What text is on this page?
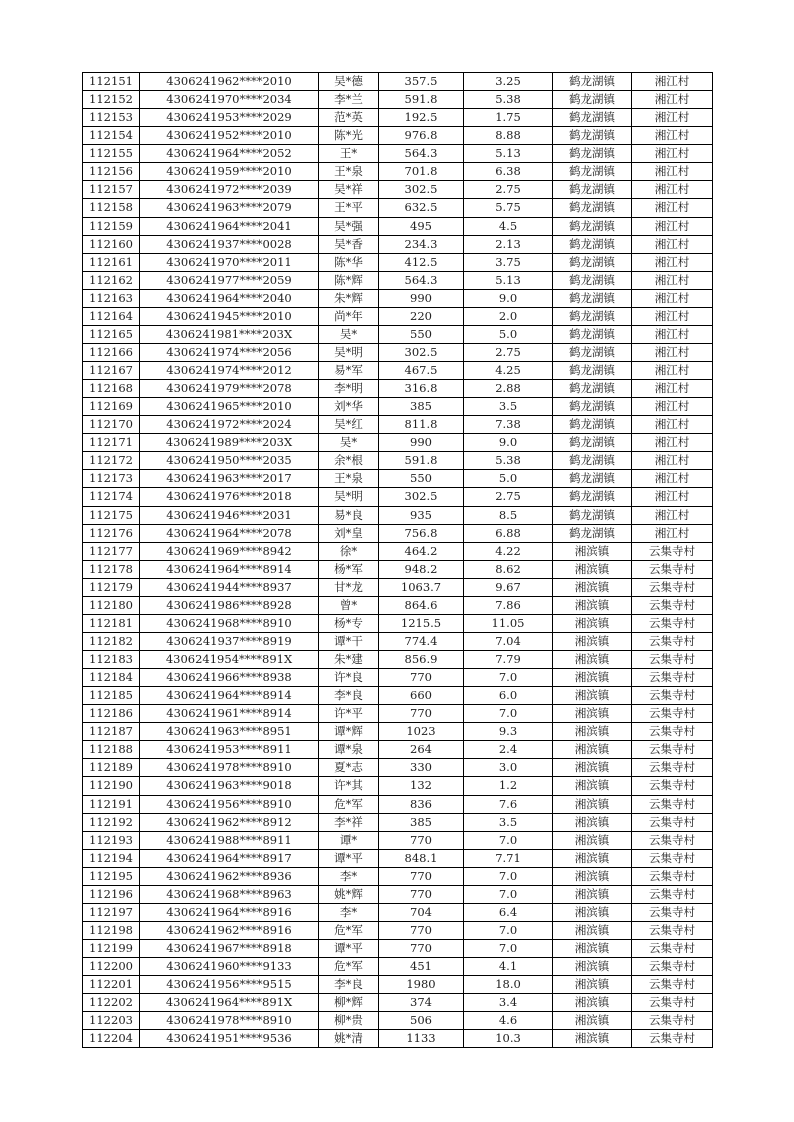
112151	4306241962****2010	吴*德	357.5	3.25	鹤龙湖镇	湘江村
112152	4306241970****2034	李*兰	591.8	5.38	鹤龙湖镇	湘江村
112153	4306241953****2029	范*英	192.5	1.75	鹤龙湖镇	湘江村
112154	4306241952****2010	陈*光	976.8	8.88	鹤龙湖镇	湘江村
112155	4306241964****2052	王*	564.3	5.13	鹤龙湖镇	湘江村
112156	4306241959****2010	王*泉	701.8	6.38	鹤龙湖镇	湘江村
112157	4306241972****2039	吴*祥	302.5	2.75	鹤龙湖镇	湘江村
112158	4306241963****2079	王*平	632.5	5.75	鹤龙湖镇	湘江村
112159	4306241964****2041	吴*强	495	4.5	鹤龙湖镇	湘江村
112160	4306241937****0028	吴*香	234.3	2.13	鹤龙湖镇	湘江村
112161	4306241970****2011	陈*华	412.5	3.75	鹤龙湖镇	湘江村
112162	4306241977****2059	陈*辉	564.3	5.13	鹤龙湖镇	湘江村
112163	4306241964****2040	朱*辉	990	9.0	鹤龙湖镇	湘江村
112164	4306241945****2010	尚*年	220	2.0	鹤龙湖镇	湘江村
112165	4306241981****203X	吴*	550	5.0	鹤龙湖镇	湘江村
112166	4306241974****2056	吴*明	302.5	2.75	鹤龙湖镇	湘江村
112167	4306241974****2012	易*军	467.5	4.25	鹤龙湖镇	湘江村
112168	4306241979****2078	李*明	316.8	2.88	鹤龙湖镇	湘江村
112169	4306241965****2010	刘*华	385	3.5	鹤龙湖镇	湘江村
112170	4306241972****2024	吴*红	811.8	7.38	鹤龙湖镇	湘江村
112171	4306241989****203X	吴*	990	9.0	鹤龙湖镇	湘江村
112172	4306241950****2035	余*根	591.8	5.38	鹤龙湖镇	湘江村
112173	4306241963****2017	王*泉	550	5.0	鹤龙湖镇	湘江村
112174	4306241976****2018	吴*明	302.5	2.75	鹤龙湖镇	湘江村
112175	4306241946****2031	易*良	935	8.5	鹤龙湖镇	湘江村
112176	4306241964****2078	刘*皇	756.8	6.88	鹤龙湖镇	湘江村
112177	4306241969****8942	徐*	464.2	4.22	湘滨镇	云集寺村
112178	4306241964****8914	杨*军	948.2	8.62	湘滨镇	云集寺村
112179	4306241944****8937	甘*龙	1063.7	9.67	湘滨镇	云集寺村
112180	4306241986****8928	曾*	864.6	7.86	湘滨镇	云集寺村
112181	4306241968****8910	杨*专	1215.5	11.05	湘滨镇	云集寺村
112182	4306241937****8919	谭*干	774.4	7.04	湘滨镇	云集寺村
112183	4306241954****891X	朱*建	856.9	7.79	湘滨镇	云集寺村
112184	4306241966****8938	许*良	770	7.0	湘滨镇	云集寺村
112185	4306241964****8914	李*良	660	6.0	湘滨镇	云集寺村
112186	4306241961****8914	许*平	770	7.0	湘滨镇	云集寺村
112187	4306241963****8951	谭*辉	1023	9.3	湘滨镇	云集寺村
112188	4306241953****8911	谭*泉	264	2.4	湘滨镇	云集寺村
112189	4306241978****8910	夏*志	330	3.0	湘滨镇	云集寺村
112190	4306241963****9018	许*其	132	1.2	湘滨镇	云集寺村
112191	4306241956****8910	危*军	836	7.6	湘滨镇	云集寺村
112192	4306241962****8912	李*祥	385	3.5	湘滨镇	云集寺村
112193	4306241988****8911	谭*	770	7.0	湘滨镇	云集寺村
112194	4306241964****8917	谭*平	848.1	7.71	湘滨镇	云集寺村
112195	4306241962****8936	李*	770	7.0	湘滨镇	云集寺村
112196	4306241968****8963	姚*辉	770	7.0	湘滨镇	云集寺村
112197	4306241964****8916	李*	704	6.4	湘滨镇	云集寺村
112198	4306241962****8916	危*军	770	7.0	湘滨镇	云集寺村
112199	4306241967****8918	谭*平	770	7.0	湘滨镇	云集寺村
112200	4306241960****9133	危*军	451	4.1	湘滨镇	云集寺村
112201	4306241956****9515	李*良	1980	18.0	湘滨镇	云集寺村
112202	4306241964****891X	柳*辉	374	3.4	湘滨镇	云集寺村
112203	4306241978****8910	柳*贵	506	4.6	湘滨镇	云集寺村
112204	4306241951****9536	姚*清	1133	10.3	湘滨镇	云集寺村
